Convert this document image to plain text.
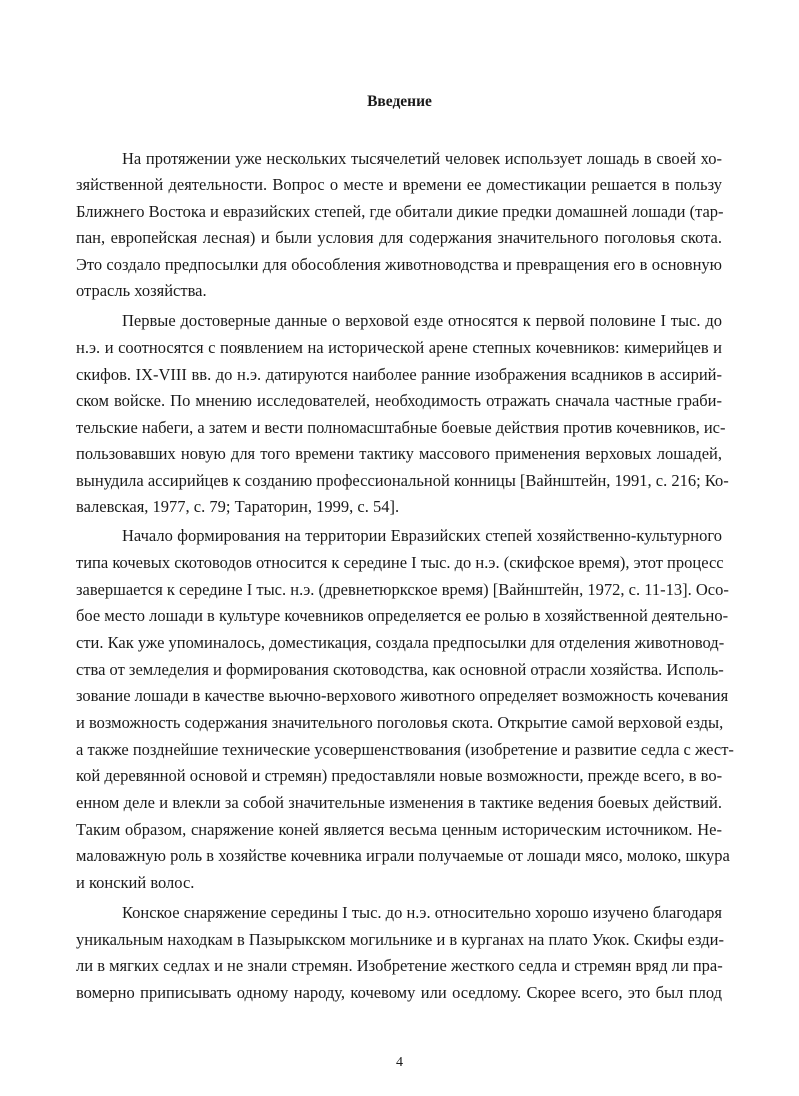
Введение
На протяжении уже нескольких тысячелетий человек использует лошадь в своей хо-
зяйственной деятельности. Вопрос о месте и времени ее доместикации решается в пользу
Ближнего Востока и евразийских степей, где обитали дикие предки домашней лошади (тар-
пан, европейская лесная) и были условия для содержания значительного поголовья скота.
Это создало предпосылки для обособления животноводства и превращения его в основную
отрасль хозяйства.
Первые достоверные данные о верховой езде относятся к первой половине I тыс. до
н.э. и соотносятся с появлением на исторической арене степных кочевников: кимерийцев и
скифов. IX-VIII вв. до н.э. датируются наиболее ранние изображения всадников в ассирий-
ском войске. По мнению исследователей, необходимость отражать сначала частные граби-
тельские набеги, а затем и вести полномасштабные боевые действия против кочевников, ис-
пользовавших новую для того времени тактику массового применения верховых лошадей,
вынудила ассирийцев к созданию профессиональной конницы [Вайнштейн, 1991, с. 216; Ко-
валевская, 1977, с. 79; Тараторин, 1999, с. 54].
Начало формирования на территории Евразийских степей хозяйственно-культурного
типа кочевых скотоводов относится к середине I тыс. до н.э. (скифское время), этот процесс
завершается к середине I тыс. н.э. (древнетюркское время) [Вайнштейн, 1972, с. 11-13]. Осо-
бое место лошади в культуре кочевников определяется ее ролью в хозяйственной деятельно-
сти. Как уже упоминалось, доместикация, создала предпосылки для отделения животновод-
ства от земледелия и формирования скотоводства, как основной отрасли хозяйства. Исполь-
зование лошади в качестве вьючно-верхового животного определяет возможность кочевания
и возможность содержания значительного поголовья скота. Открытие самой верховой езды,
а также позднейшие технические усовершенствования (изобретение и развитие седла с жест-
кой деревянной основой и стремян) предоставляли новые возможности, прежде всего, в во-
енном деле и влекли за собой значительные изменения в тактике ведения боевых действий.
Таким образом, снаряжение коней является весьма ценным историческим источником. Не-
маловажную роль в хозяйстве кочевника играли получаемые от лошади мясо, молоко, шкура
и конский волос.
Конское снаряжение середины I тыс. до н.э. относительно хорошо изучено благодаря
уникальным находкам в Пазырыкском могильнике и в курганах на плато Укок. Скифы езди-
ли в мягких седлах и не знали стремян. Изобретение жесткого седла и стремян вряд ли пра-
вомерно приписывать одному народу, кочевому или оседлому. Скорее всего, это был плод
4
